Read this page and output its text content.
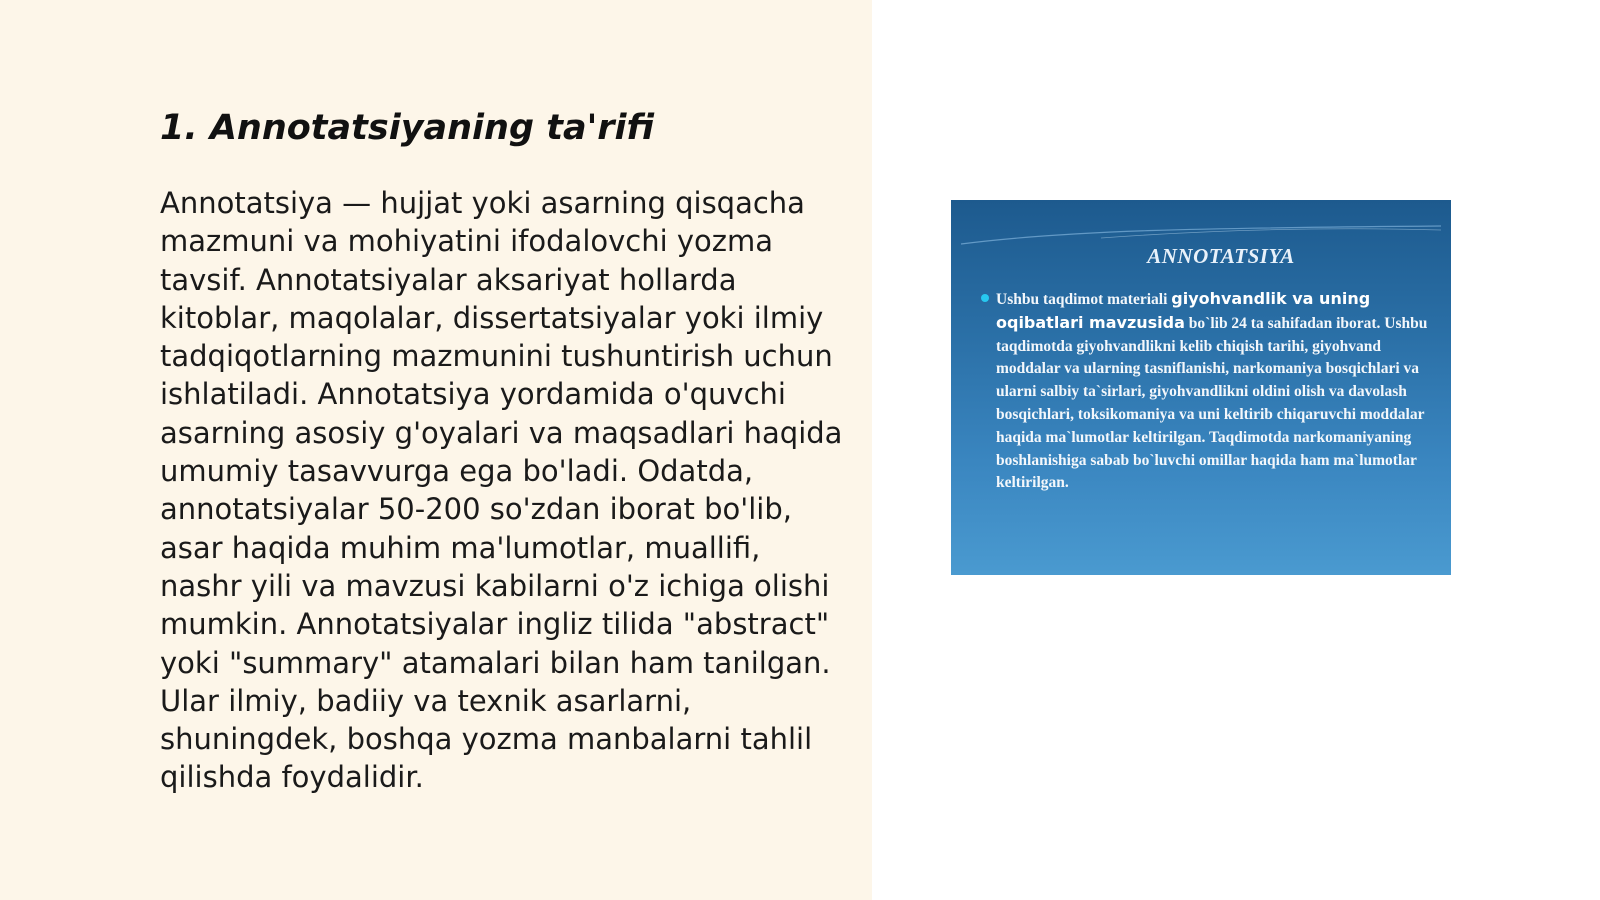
1. Annotatsiyaning ta'rifi

Annotatsiya — hujjat yoki asarning qisqacha mazmuni va mohiyatini ifodalovchi yozma tavsif. Annotatsiyalar aksariyat hollarda kitoblar, maqolalar, dissertatsiyalar yoki ilmiy tadqiqotlarning mazmunini tushuntirish uchun ishlatiladi. Annotatsiya yordamida o'quvchi asarning asosiy g'oyalari va maqsadlari haqida umumiy tasavvurga ega bo'ladi. Odatda, annotatsiyalar 50-200 so'zdan iborat bo'lib, asar haqida muhim ma'lumotlar, muallifi, nashr yili va mavzusi kabilarni o'z ichiga olishi mumkin. Annotatsiyalar ingliz tilida "abstract" yoki "summary" atamalari bilan ham tanilgan. Ular ilmiy, badiiy va texnik asarlarni, shuningdek, boshqa yozma manbalarni tahlil qilishda foydalidir.

ANNOTATSIYA

Ushbu taqdimot materiali giyohvandlik va uning oqibatlari mavzusida bo`lib 24 ta sahifadan iborat. Ushbu taqdimotda giyohvandlikni kelib chiqish tarihi, giyohvand moddalar va ularning tasniflanishi, narkomaniya bosqichlari va ularni salbiy ta`sirlari, giyohvandlikni oldini olish va davolash bosqichlari, toksikomaniya va uni keltirib chiqaruvchi moddalar haqida ma`lumotlar keltirilgan. Taqdimotda narkomaniyaning boshlanishiga sabab bo`luvchi omillar haqida ham ma`lumotlar keltirilgan.
